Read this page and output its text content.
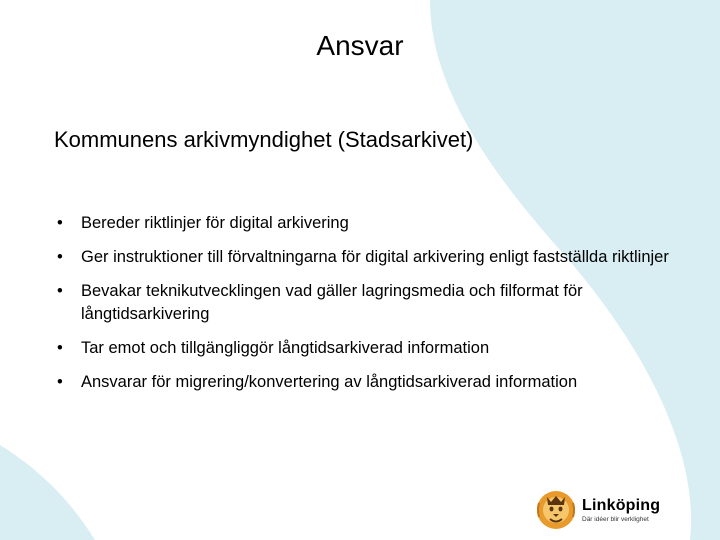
Ansvar
Kommunens arkivmyndighet (Stadsarkivet)
• Bereder riktlinjer för digital arkivering
• Ger instruktioner till förvaltningarna för digital arkivering enligt fastställda riktlinjer
• Bevakar teknikutvecklingen vad gäller lagringsmedia och filformat för långtidsarkivering
• Tar emot och tillgängliggör långtidsarkiverad information
• Ansvarar för migrering/konvertering av långtidsarkiverad information
Linköping
Där idéer blir verklighet
